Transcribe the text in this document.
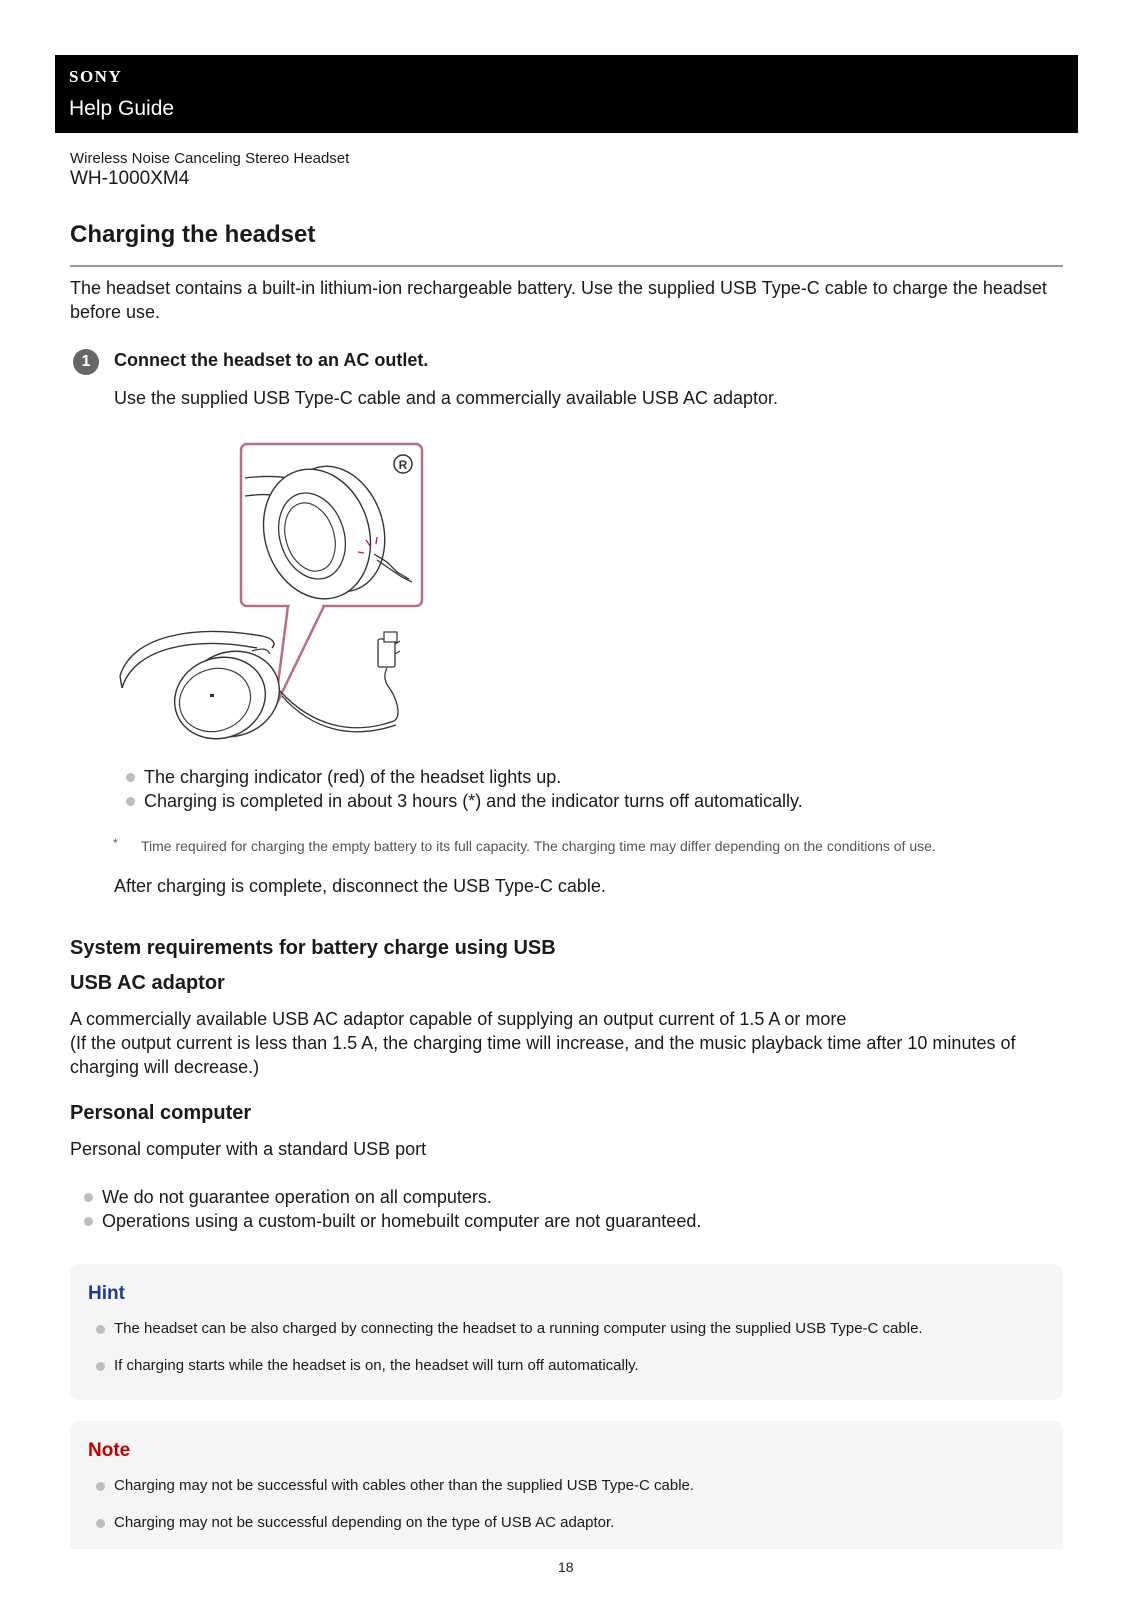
SONY
Help Guide
Wireless Noise Canceling Stereo Headset
WH-1000XM4
Charging the headset
The headset contains a built-in lithium-ion rechargeable battery. Use the supplied USB Type-C cable to charge the headset before use.
1	Connect the headset to an AC outlet.
Use the supplied USB Type-C cable and a commercially available USB AC adaptor.
R
The charging indicator (red) of the headset lights up.
Charging is completed in about 3 hours (*) and the indicator turns off automatically.
* Time required for charging the empty battery to its full capacity. The charging time may differ depending on the conditions of use.
After charging is complete, disconnect the USB Type-C cable.
System requirements for battery charge using USB
USB AC adaptor
A commercially available USB AC adaptor capable of supplying an output current of 1.5 A or more
(If the output current is less than 1.5 A, the charging time will increase, and the music playback time after 10 minutes of charging will decrease.)
Personal computer
Personal computer with a standard USB port
We do not guarantee operation on all computers.
Operations using a custom-built or homebuilt computer are not guaranteed.
Hint
The headset can be also charged by connecting the headset to a running computer using the supplied USB Type-C cable.
If charging starts while the headset is on, the headset will turn off automatically.
Note
Charging may not be successful with cables other than the supplied USB Type-C cable.
Charging may not be successful depending on the type of USB AC adaptor.
18
